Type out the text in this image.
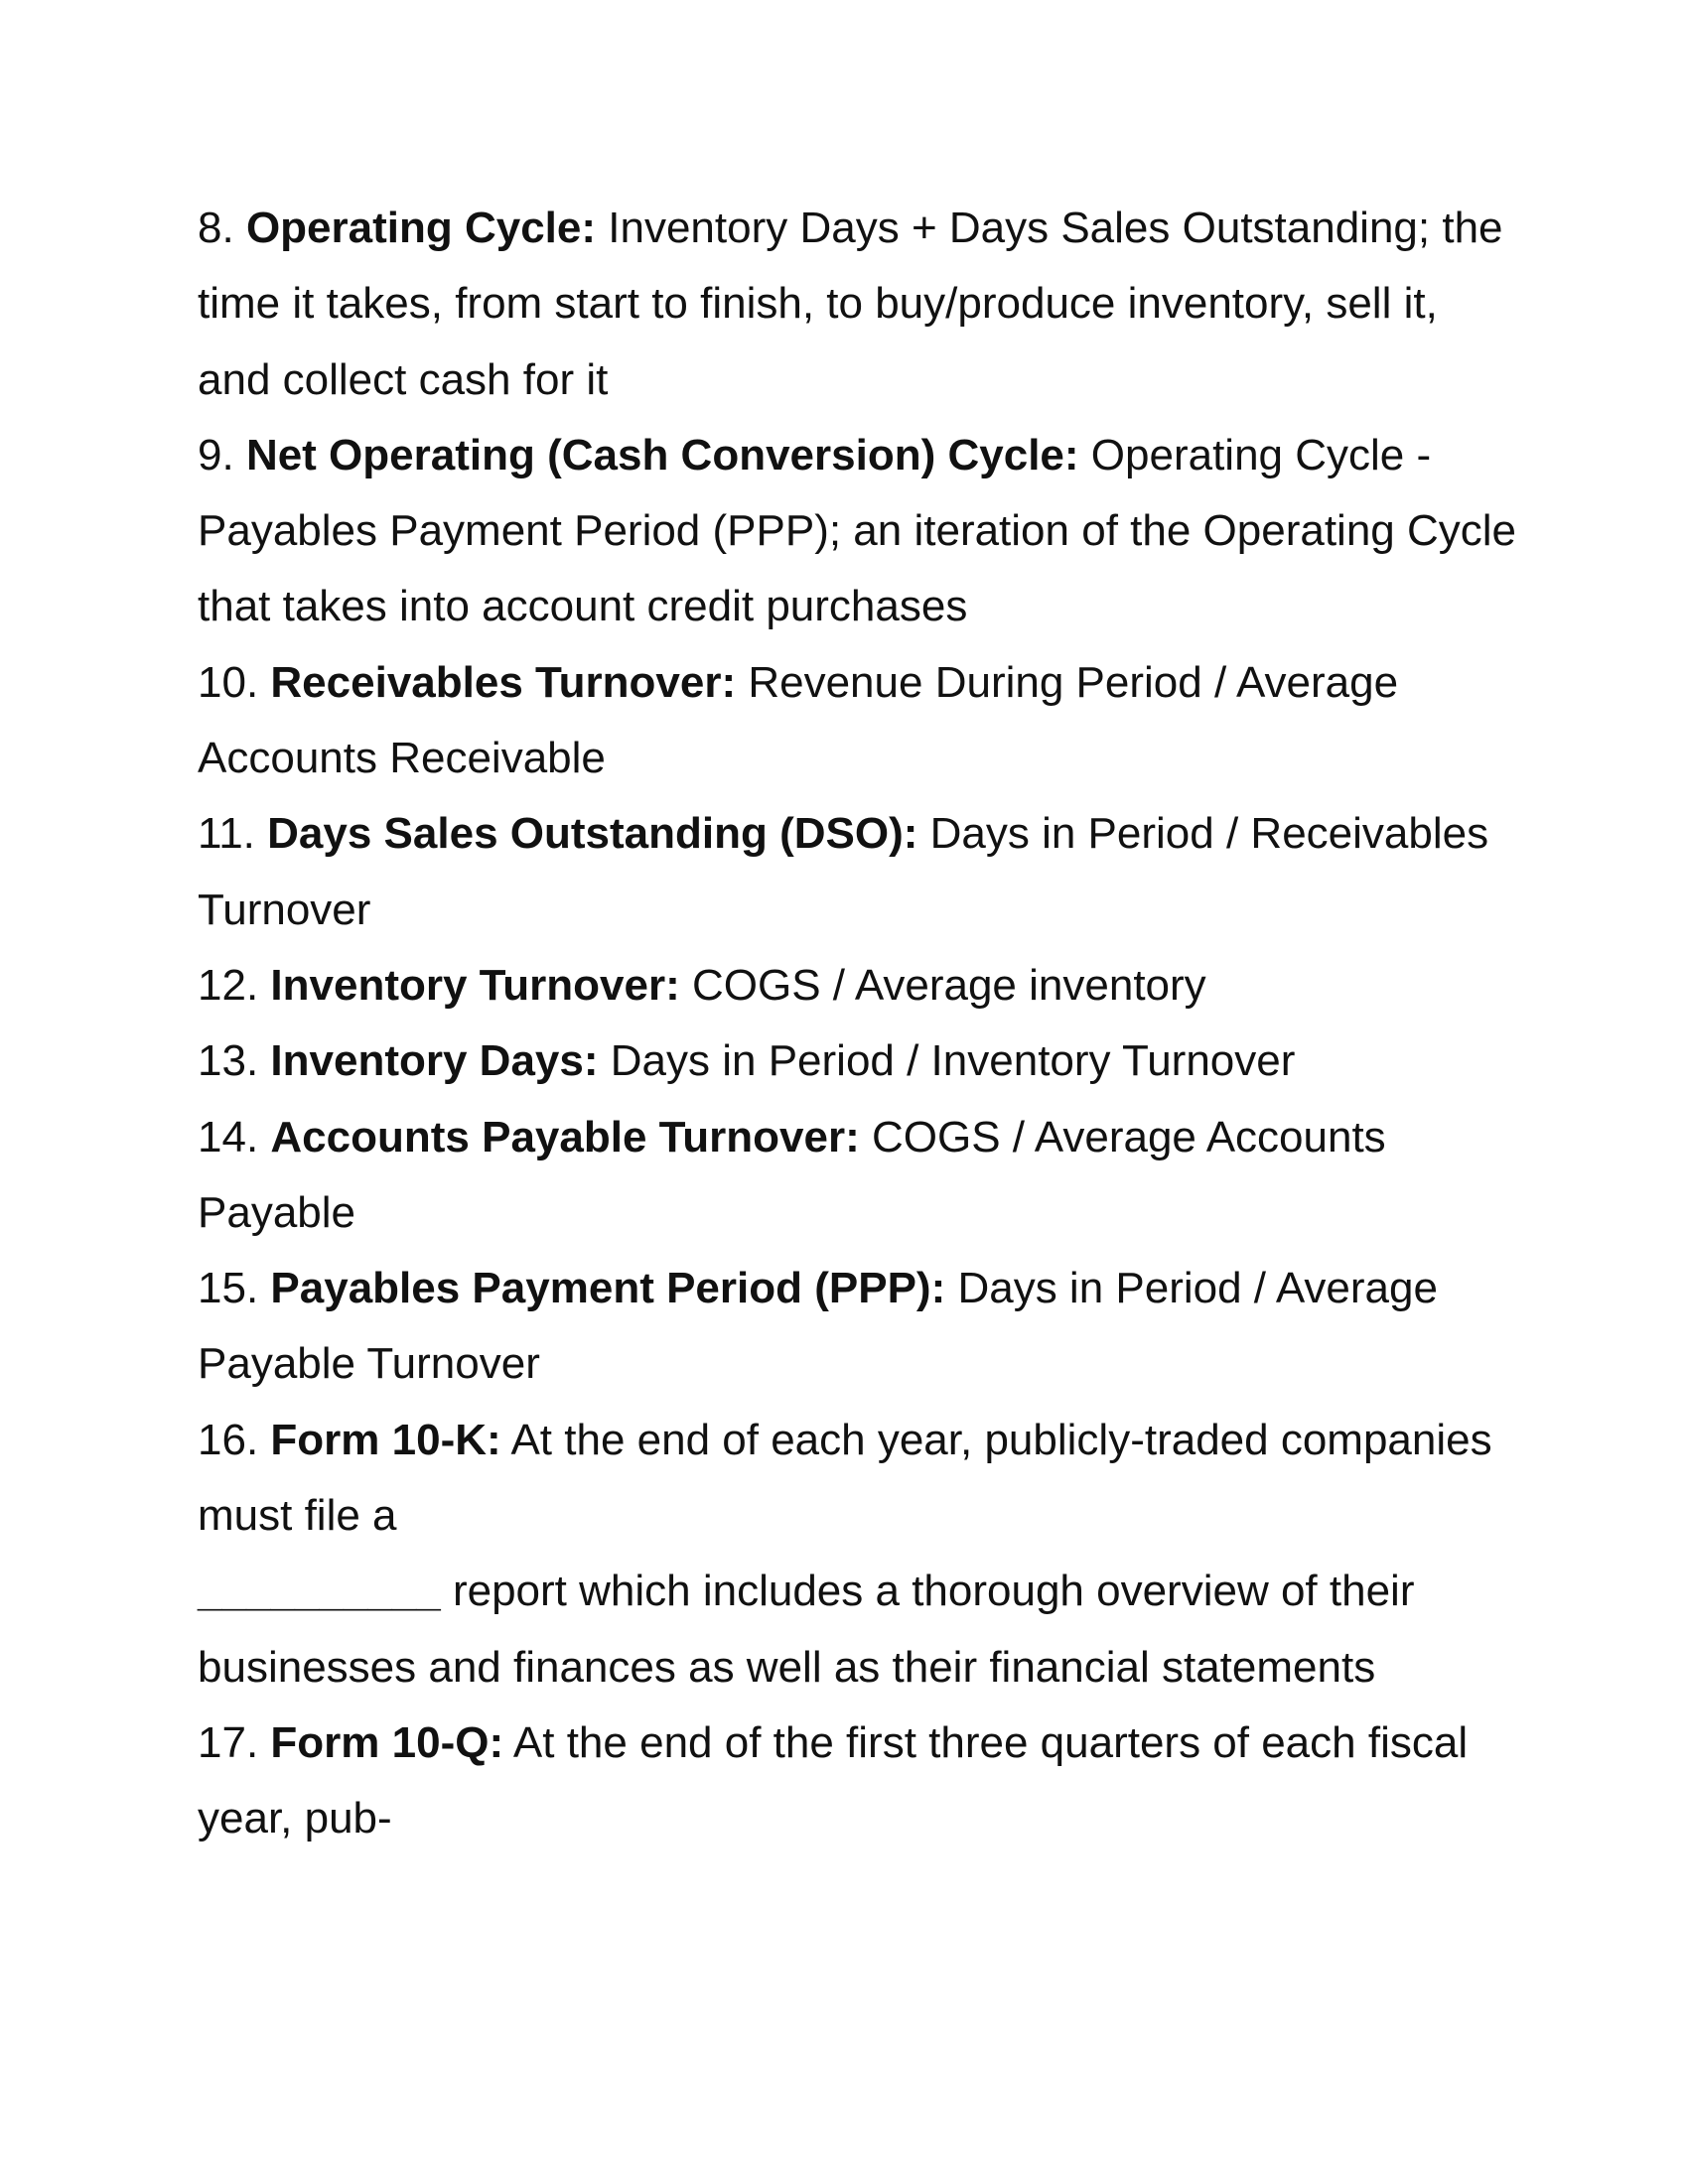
8. Operating Cycle: Inventory Days + Days Sales Outstanding; the time it takes, from start to finish, to buy/produce inventory, sell it, and collect cash for it

9. Net Operating (Cash Conversion) Cycle: Operating Cycle - Payables Payment Period (PPP); an iteration of the Operating Cycle that takes into account credit purchases

10. Receivables Turnover: Revenue During Period / Average Accounts Receivable

11. Days Sales Outstanding (DSO): Days in Period / Receivables Turnover

12. Inventory Turnover: COGS / Average inventory

13. Inventory Days: Days in Period / Inventory Turnover

14. Accounts Payable Turnover: COGS / Average Accounts Payable

15. Payables Payment Period (PPP): Days in Period / Average Payable Turnover

16. Form 10-K: At the end of each year, publicly-traded companies must file a
__________ report which includes a thorough overview of their businesses and finances as well as their financial statements

17. Form 10-Q: At the end of the first three quarters of each fiscal year, pub-
